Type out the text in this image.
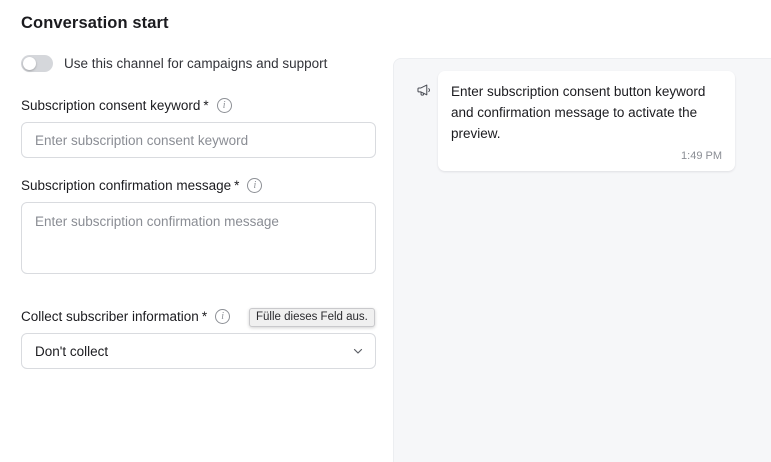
Conversation start
Use this channel for campaigns and support
Subscription consent keyword *	i
Enter subscription consent keyword
Subscription confirmation message *	i
Enter subscription confirmation message
Collect subscriber information *	i
Don't collect	Fülle dieses Feld aus.
Enter subscription consent button keyword and confirmation message to activate the preview.
1:49 PM
